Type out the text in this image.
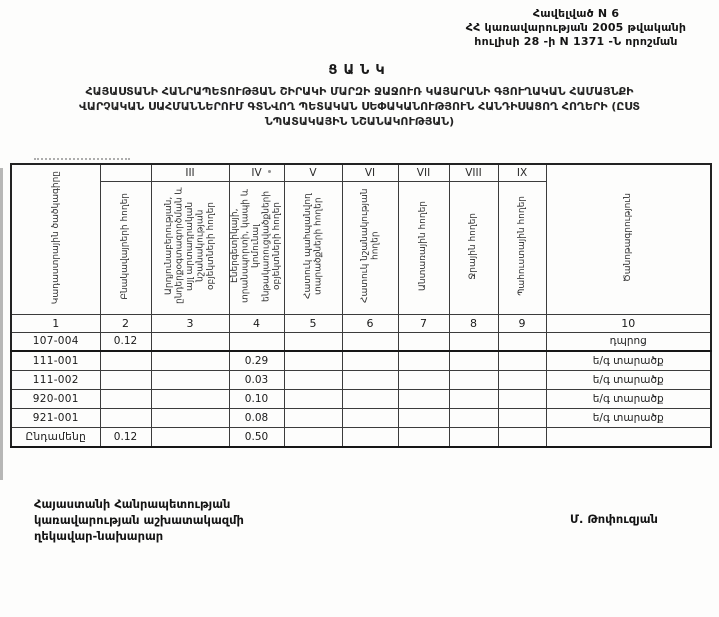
Հավելված N 6
ՀՀ կառավարության 2005 թվականի
հուլիսի 28 -ի N 1371 -Ն որոշման
ՑԱՆԿ
ՀԱՅԱՍՏԱՆԻ ՀԱՆՐԱՊԵՏՈՒԹՅԱՆ ՇԻՐԱԿԻ ՄԱՐԶԻ ՋԱՋՈՒՌ ԿԱՅԱՐԱՆԻ ԳՅՈՒՂԱԿԱՆ ՀԱՄԱՅՆՔԻ
ՎԱՐՉԱԿԱՆ ՍԱՀՄԱՆՆԵՐՈՒՄ ԳՏՆՎՈՂ ՊԵՏԱԿԱՆ ՍԵՓԱԿԱՆՈՒԹՅՈՒՆ ՀԱՆԴԻՍԱՑՈՂ ՀՈՂԵՐԻ (ԸՍՏ
ՆՊԱՏԱԿԱՅԻՆ ՆՇԱՆԱԿՈՒԹՅԱՆ)
Կադաստրային ծածկագիրը		III	IV	V	VI	VII	VIII	IX	Ծանոթագրություն
	Բնակավայրերի հողեր	Արդյունաբերության, ընդերքօգտագործման և այլ արտադրական նշանակության օբյեկտների հողեր	Էներգետիկայի, տրանսպորտի, կապի և կոմունալ ենթակառուցվածքների օբյեկտների հողեր	Հատուկ պահպանվող տարածքների հողեր	Հատուկ նշանակության հողեր	Անտառային հողեր	Ջրային հողեր	Պահուստային հողեր	
1	2	3	4	5	6	7	8	9	10
107-004	0.12								դպրոց
111-001			0.29						ե/գ տարածք
111-002			0.03						ե/գ տարածք
920-001			0.10						ե/գ տարածք
921-001			0.08						ե/գ տարածք
Ընդամենը	0.12		0.50						
Հայաստանի Հանրապետության
կառավարության աշխատակազմի
ղեկավար-նախարար
Մ. Թոփուզյան
